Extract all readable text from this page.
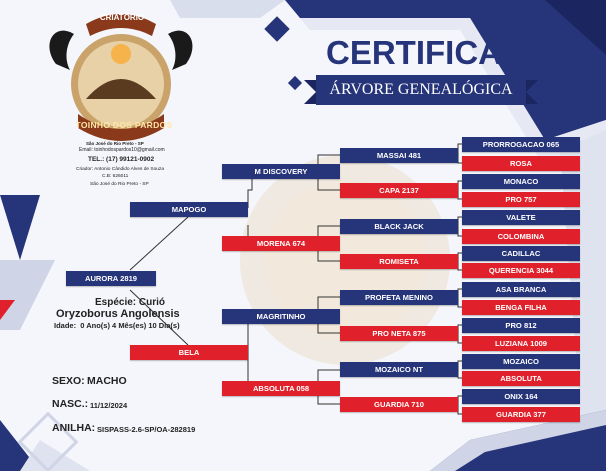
CRIATÓRIO
TOINHO DOS PARDOS
São José do Rio Preto - SP
Email: toinhodospardos10@gmail.com
TEL.: (17) 99121-0902
Criador: Antonio Cândido Alves de Souza
C.B: 626011
São José do Rio Preto - SP
CERTIFICADO
ÁRVORE GENEALÓGICA
AURORA 2819
MAPOGO
BELA
M DISCOVERY
MORENA 674
MAGRITINHO
ABSOLUTA 058
MASSAI 481
CAPA 2137
BLACK JACK
ROMISETA
PROFETA MENINO
PRO NETA 875
MOZAICO NT
GUARDIA 710
PRORROGACAO 065
ROSA
MONACO
PRO 757
VALETE
COLOMBINA
CADILLAC
QUERENCIA 3044
ASA BRANCA
BENGA FILHA
PRO 812
LUZIANA 1009
MOZAICO
ABSOLUTA
ONIX 164
GUARDIA 377
Espécie: Curió
Oryzoborus Angolensis
Idade:  0 Ano(s) 4 Mês(es) 10 Dia(s)
SEXO: MACHO
NASC.: 11/12/2024
ANILHA: SISPASS-2.6-SP/OA-282819
